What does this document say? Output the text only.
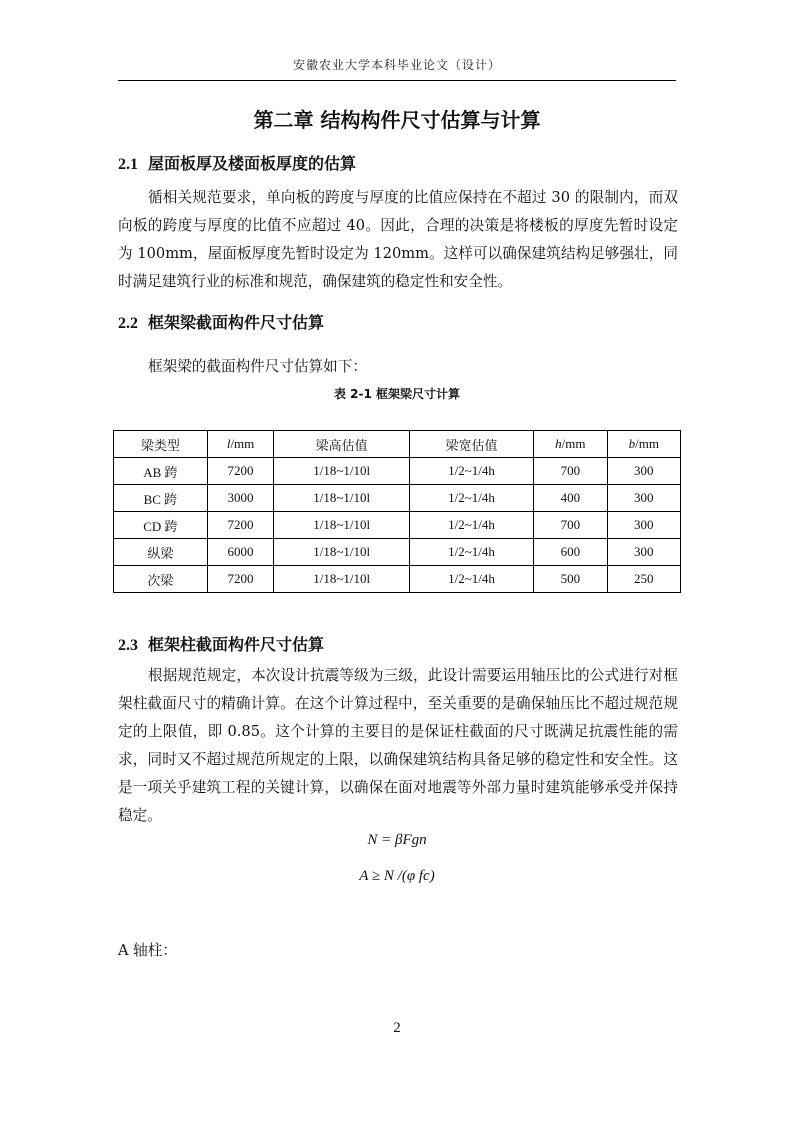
安徽农业大学本科毕业论文（设计）
第二章 结构构件尺寸估算与计算
2.1 屋面板厚及楼面板厚度的估算
循相关规范要求，单向板的跨度与厚度的比值应保持在不超过 30 的限制内，而双向板的跨度与厚度的比值不应超过 40。因此，合理的决策是将楼板的厚度先暂时设定为 100mm，屋面板厚度先暂时设定为 120mm。这样可以确保建筑结构足够强壮，同时满足建筑行业的标准和规范，确保建筑的稳定性和安全性。
2.2 框架梁截面构件尺寸估算
框架梁的截面构件尺寸估算如下：
表 2-1 框架梁尺寸计算
梁类型	l/mm	梁高估值	梁宽估值	h/mm	b/mm
AB 跨	7200	1/18~1/10l	1/2~1/4h	700	300
BC 跨	3000	1/18~1/10l	1/2~1/4h	400	300
CD 跨	7200	1/18~1/10l	1/2~1/4h	700	300
纵梁	6000	1/18~1/10l	1/2~1/4h	600	300
次梁	7200	1/18~1/10l	1/2~1/4h	500	250
2.3 框架柱截面构件尺寸估算
根据规范规定，本次设计抗震等级为三级，此设计需要运用轴压比的公式进行对框架柱截面尺寸的精确计算。在这个计算过程中，至关重要的是确保轴压比不超过规范规定的上限值，即 0.85。这个计算的主要目的是保证柱截面的尺寸既满足抗震性能的需求，同时又不超过规范所规定的上限，以确保建筑结构具备足够的稳定性和安全性。这是一项关乎建筑工程的关键计算，以确保在面对地震等外部力量时建筑能够承受并保持稳定。
N = βFgn
A ≥ N /(φ fc)
A 轴柱：
2
